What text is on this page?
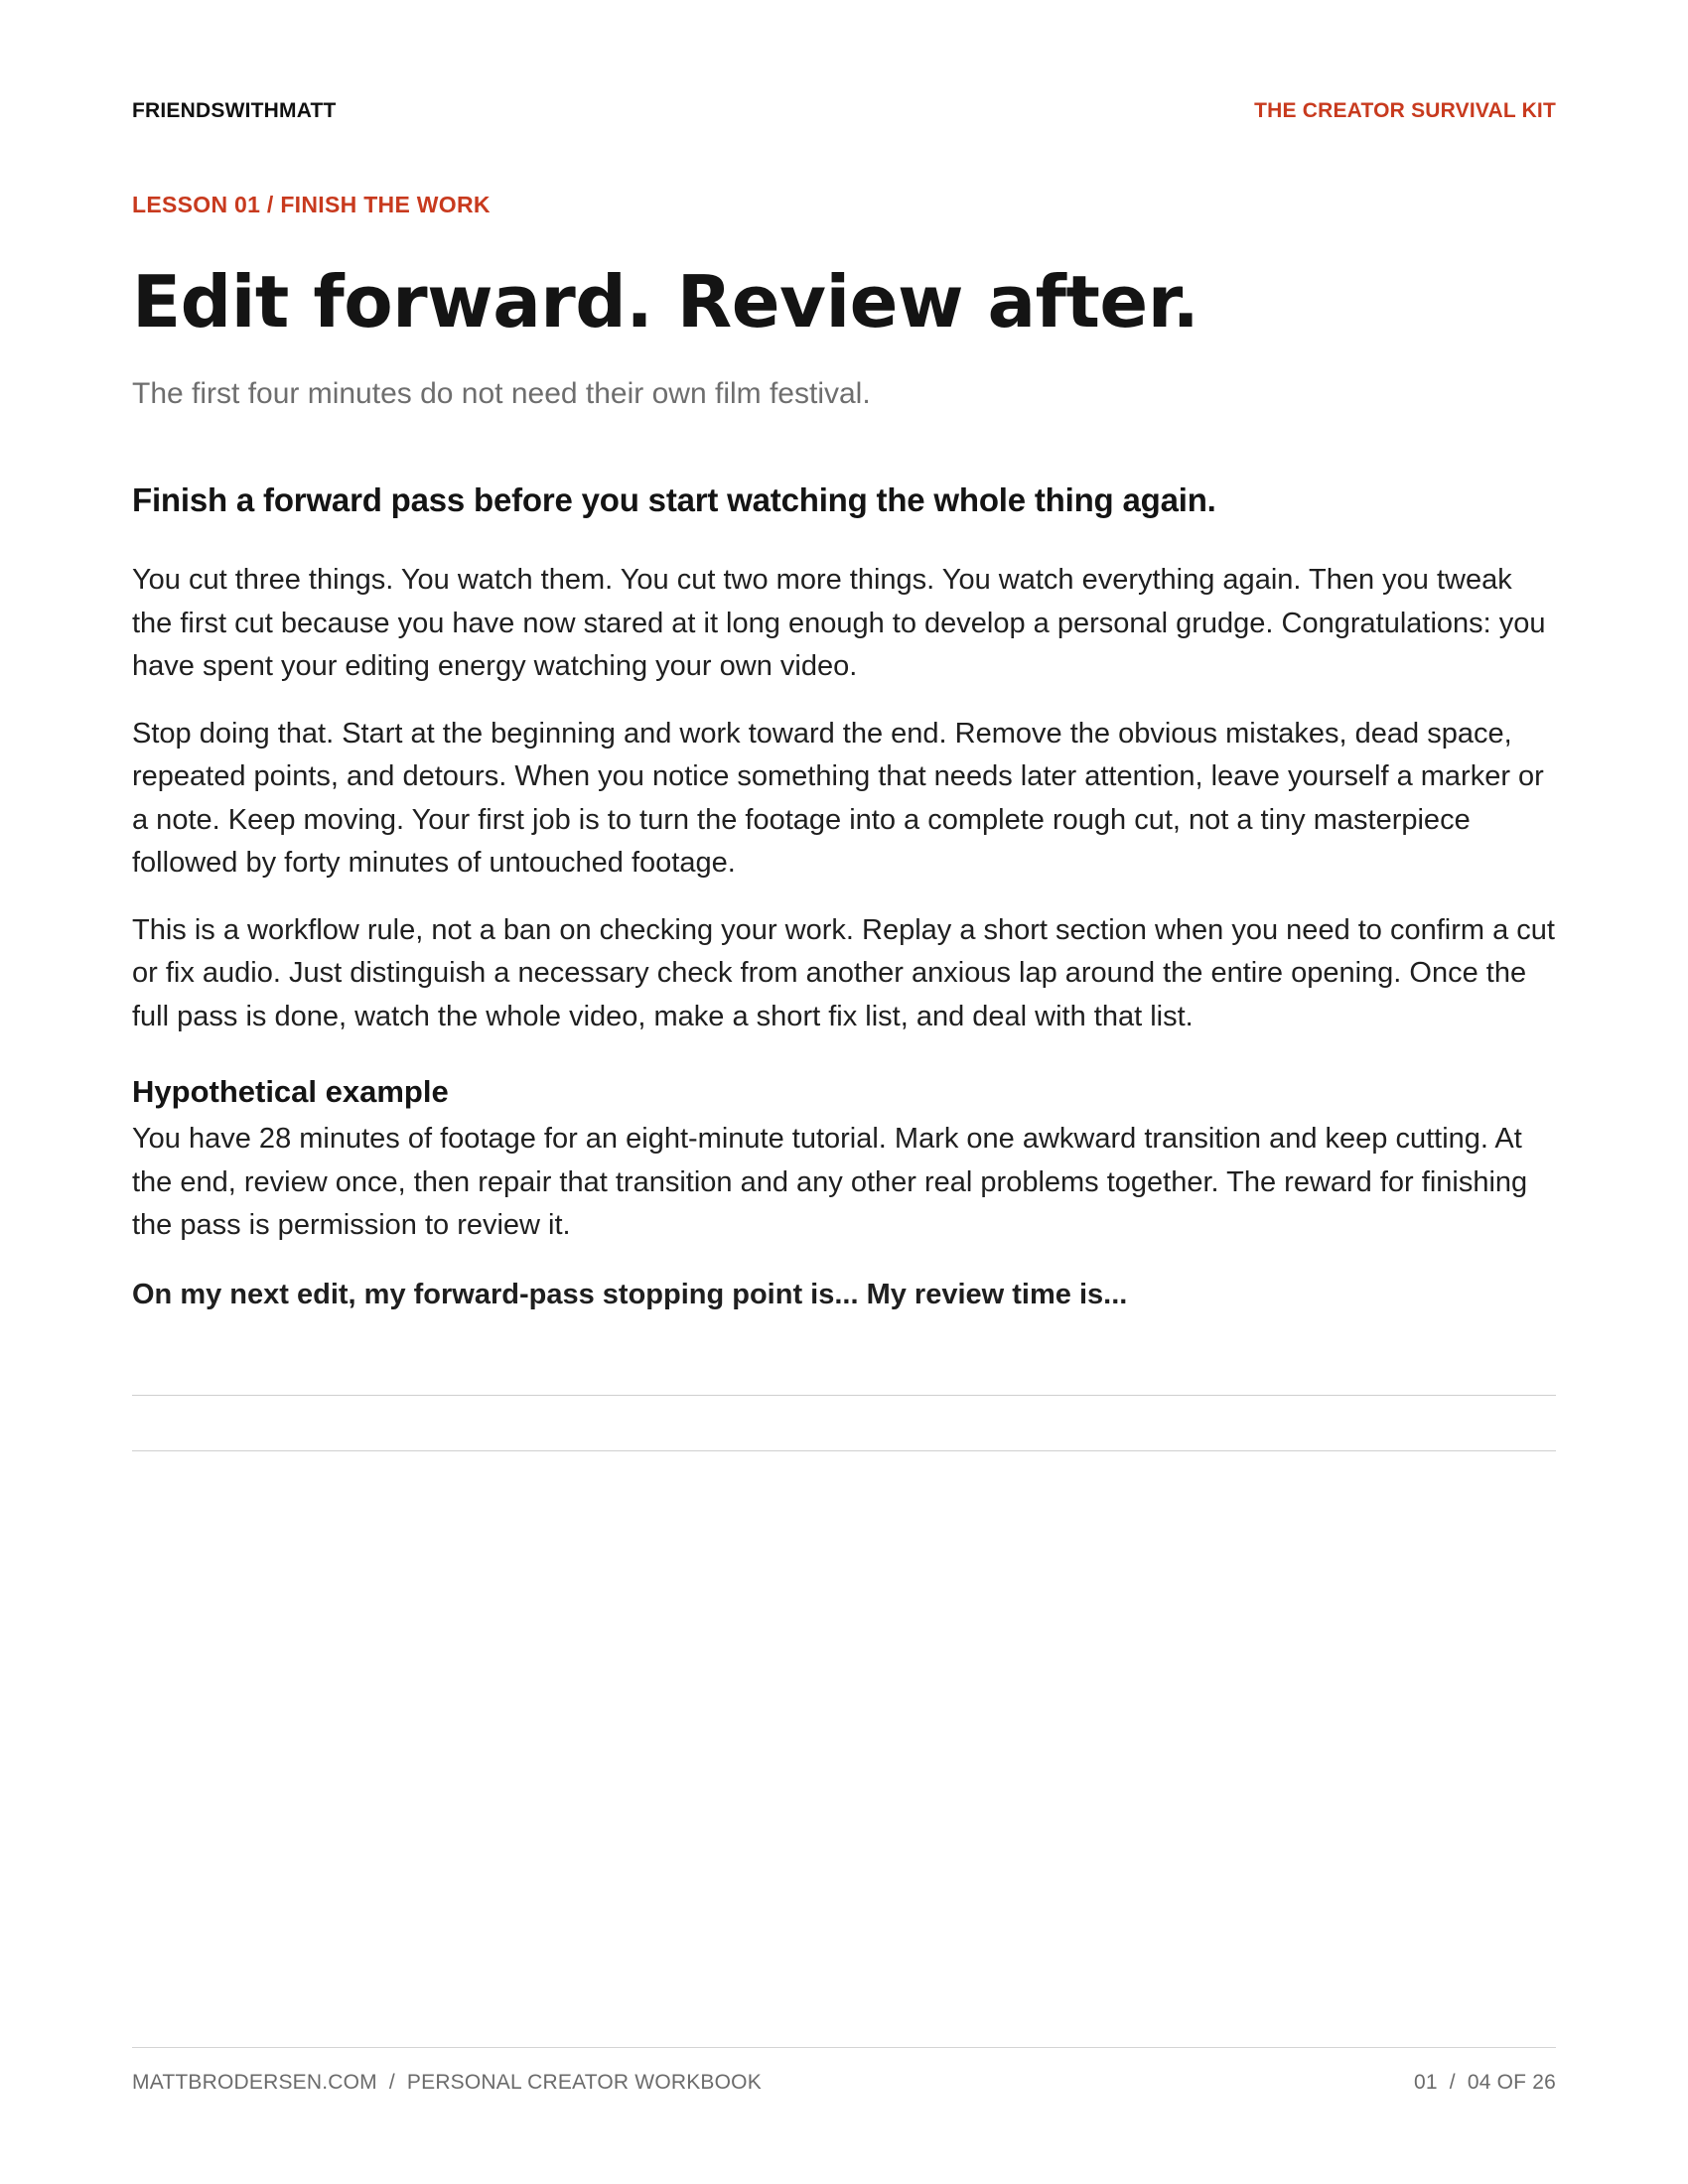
FRIENDSWITHMATT	THE CREATOR SURVIVAL KIT
LESSON 01 / FINISH THE WORK
Edit forward. Review after.
The first four minutes do not need their own film festival.
Finish a forward pass before you start watching the whole thing again.

You cut three things. You watch them. You cut two more things. You watch everything again. Then you tweak the first cut because you have now stared at it long enough to develop a personal grudge. Congratulations: you have spent your editing energy watching your own video.

Stop doing that. Start at the beginning and work toward the end. Remove the obvious mistakes, dead space, repeated points, and detours. When you notice something that needs later attention, leave yourself a marker or a note. Keep moving. Your first job is to turn the footage into a complete rough cut, not a tiny masterpiece followed by forty minutes of untouched footage.

This is a workflow rule, not a ban on checking your work. Replay a short section when you need to confirm a cut or fix audio. Just distinguish a necessary check from another anxious lap around the entire opening. Once the full pass is done, watch the whole video, make a short fix list, and deal with that list.

Hypothetical example

You have 28 minutes of footage for an eight-minute tutorial. Mark one awkward transition and keep cutting. At the end, review once, then repair that transition and any other real problems together. The reward for finishing the pass is permission to review it.

On my next edit, my forward-pass stopping point is... My review time is...

MATTBRODERSEN.COM / PERSONAL CREATOR WORKBOOK	01 / 04 OF 26
